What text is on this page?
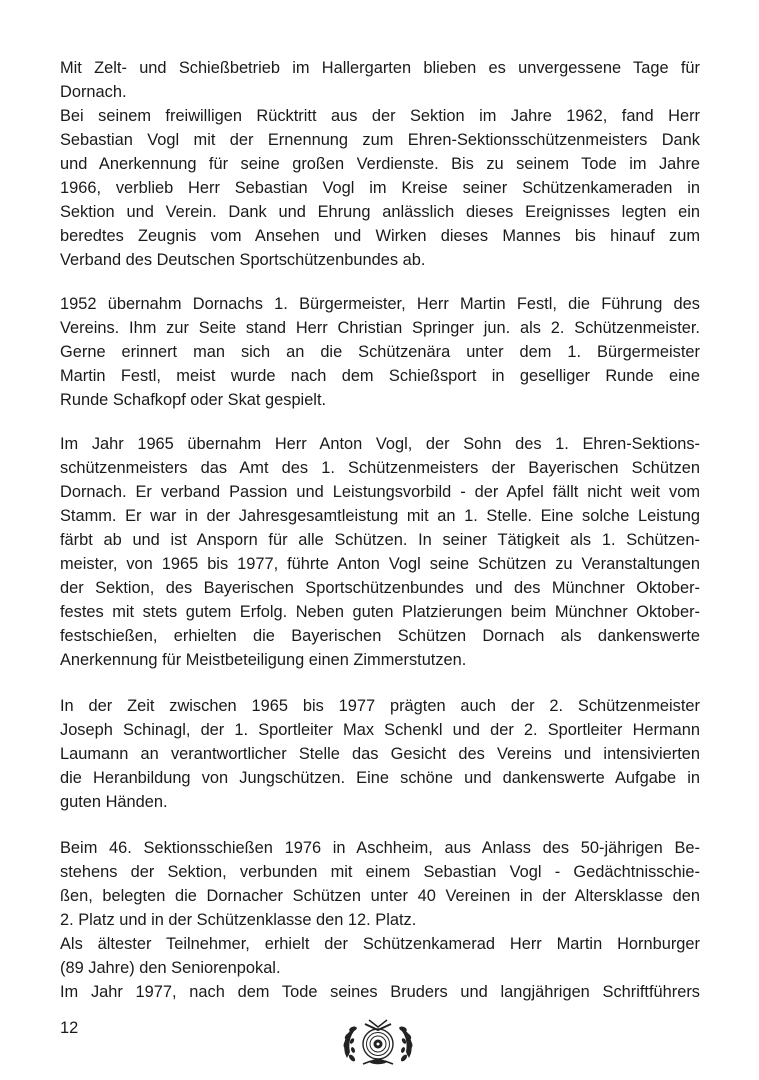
Mit Zelt- und Schießbetrieb im Hallergarten blieben es unvergessene Tage für
Dornach.
Bei seinem freiwilligen Rücktritt aus der Sektion im Jahre 1962, fand Herr
Sebastian Vogl mit der Ernennung zum Ehren-Sektionsschützenmeisters Dank
und Anerkennung für seine großen Verdienste. Bis zu seinem Tode im Jahre
1966, verblieb Herr Sebastian Vogl im Kreise seiner Schützenkameraden in
Sektion und Verein. Dank und Ehrung anlässlich dieses Ereignisses legten ein
beredtes Zeugnis vom Ansehen und Wirken dieses Mannes bis hinauf zum
Verband des Deutschen Sportschützenbundes ab.
1952 übernahm Dornachs 1. Bürgermeister, Herr Martin Festl, die Führung des
Vereins. Ihm zur Seite stand Herr Christian Springer jun. als 2. Schützenmeister.
Gerne erinnert man sich an die Schützenära unter dem 1. Bürgermeister
Martin Festl, meist wurde nach dem Schießsport in geselliger Runde eine
Runde Schafkopf oder Skat gespielt.
Im Jahr 1965 übernahm Herr Anton Vogl, der Sohn des 1. Ehren-Sektions-
schützenmeisters das Amt des 1. Schützenmeisters der Bayerischen Schützen
Dornach. Er verband Passion und Leistungsvorbild - der Apfel fällt nicht weit vom
Stamm. Er war in der Jahresgesamtleistung mit an 1. Stelle. Eine solche Leistung
färbt ab und ist Ansporn für alle Schützen. In seiner Tätigkeit als 1. Schützen-
meister, von 1965 bis 1977, führte Anton Vogl seine Schützen zu Veranstaltungen
der Sektion, des Bayerischen Sportschützenbundes und des Münchner Oktober-
festes mit stets gutem Erfolg. Neben guten Platzierungen beim Münchner Oktober-
festschießen, erhielten die Bayerischen Schützen Dornach als dankenswerte
Anerkennung für Meistbeteiligung einen Zimmerstutzen.
In der Zeit zwischen 1965 bis 1977 prägten auch der 2. Schützenmeister
Joseph Schinagl, der 1. Sportleiter Max Schenkl und der 2. Sportleiter Hermann
Laumann an verantwortlicher Stelle das Gesicht des Vereins und intensivierten
die Heranbildung von Jungschützen. Eine schöne und dankenswerte Aufgabe in
guten Händen.
Beim 46. Sektionsschießen 1976 in Aschheim, aus Anlass des 50-jährigen Be-
stehens der Sektion, verbunden mit einem Sebastian Vogl - Gedächtnisschie-
ßen, belegten die Dornacher Schützen unter 40 Vereinen in der Altersklasse den
2. Platz und in der Schützenklasse den 12. Platz.
Als ältester Teilnehmer, erhielt der Schützenkamerad Herr Martin Hornburger
(89 Jahre) den Seniorenpokal.
Im Jahr 1977, nach dem Tode seines Bruders und langjährigen Schriftführers
12
